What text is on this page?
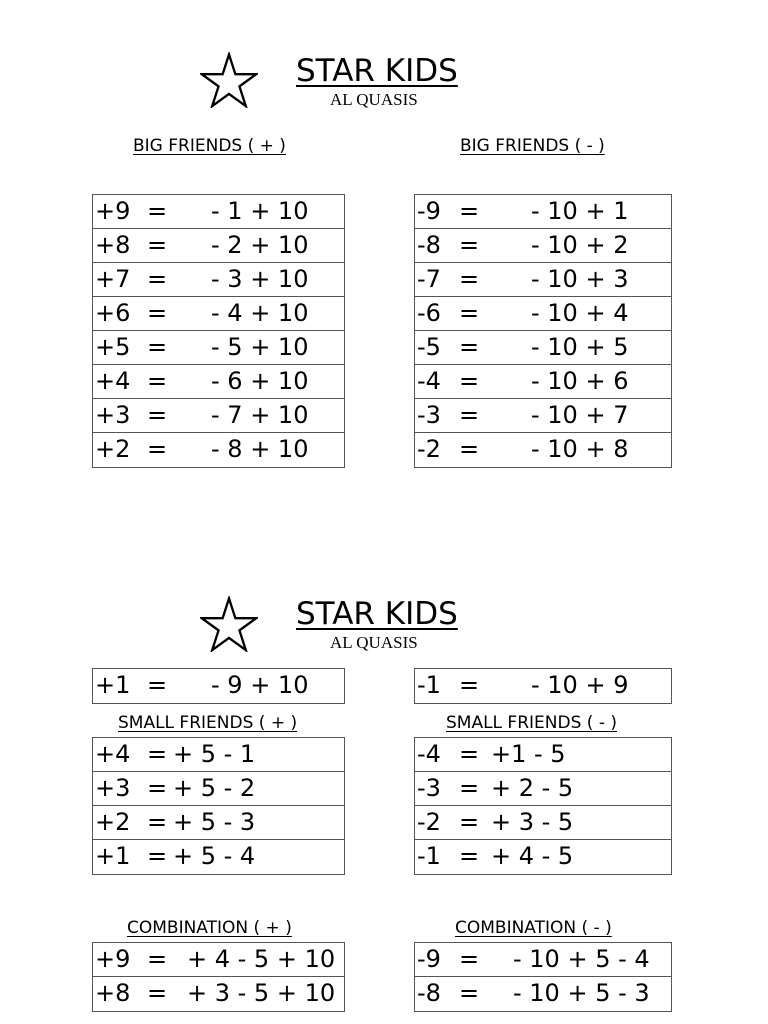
STAR KIDS
AL QUASIS
BIG FRIENDS ( + )	BIG FRIENDS ( - )
+9 = - 1 + 10
+8 = - 2 + 10
+7 = - 3 + 10
+6 = - 4 + 10
+5 = - 5 + 10
+4 = - 6 + 10
+3 = - 7 + 10
+2 = - 8 + 10
-9 = - 10 + 1
-8 = - 10 + 2
-7 = - 10 + 3
-6 = - 10 + 4
-5 = - 10 + 5
-4 = - 10 + 6
-3 = - 10 + 7
-2 = - 10 + 8
STAR KIDS
AL QUASIS
+1 = - 9 + 10	-1 = - 10 + 9
SMALL FRIENDS ( + )	SMALL FRIENDS ( - )
+4 = + 5 - 1
+3 = + 5 - 2
+2 = + 5 - 3
+1 = + 5 - 4
-4 = +1 - 5
-3 = + 2 - 5
-2 = + 3 - 5
-1 = + 4 - 5
COMBINATION ( + )	COMBINATION ( - )
+9 = + 4 - 5 + 10
+8 = + 3 - 5 + 10
-9 = - 10 + 5 - 4
-8 = - 10 + 5 - 3
